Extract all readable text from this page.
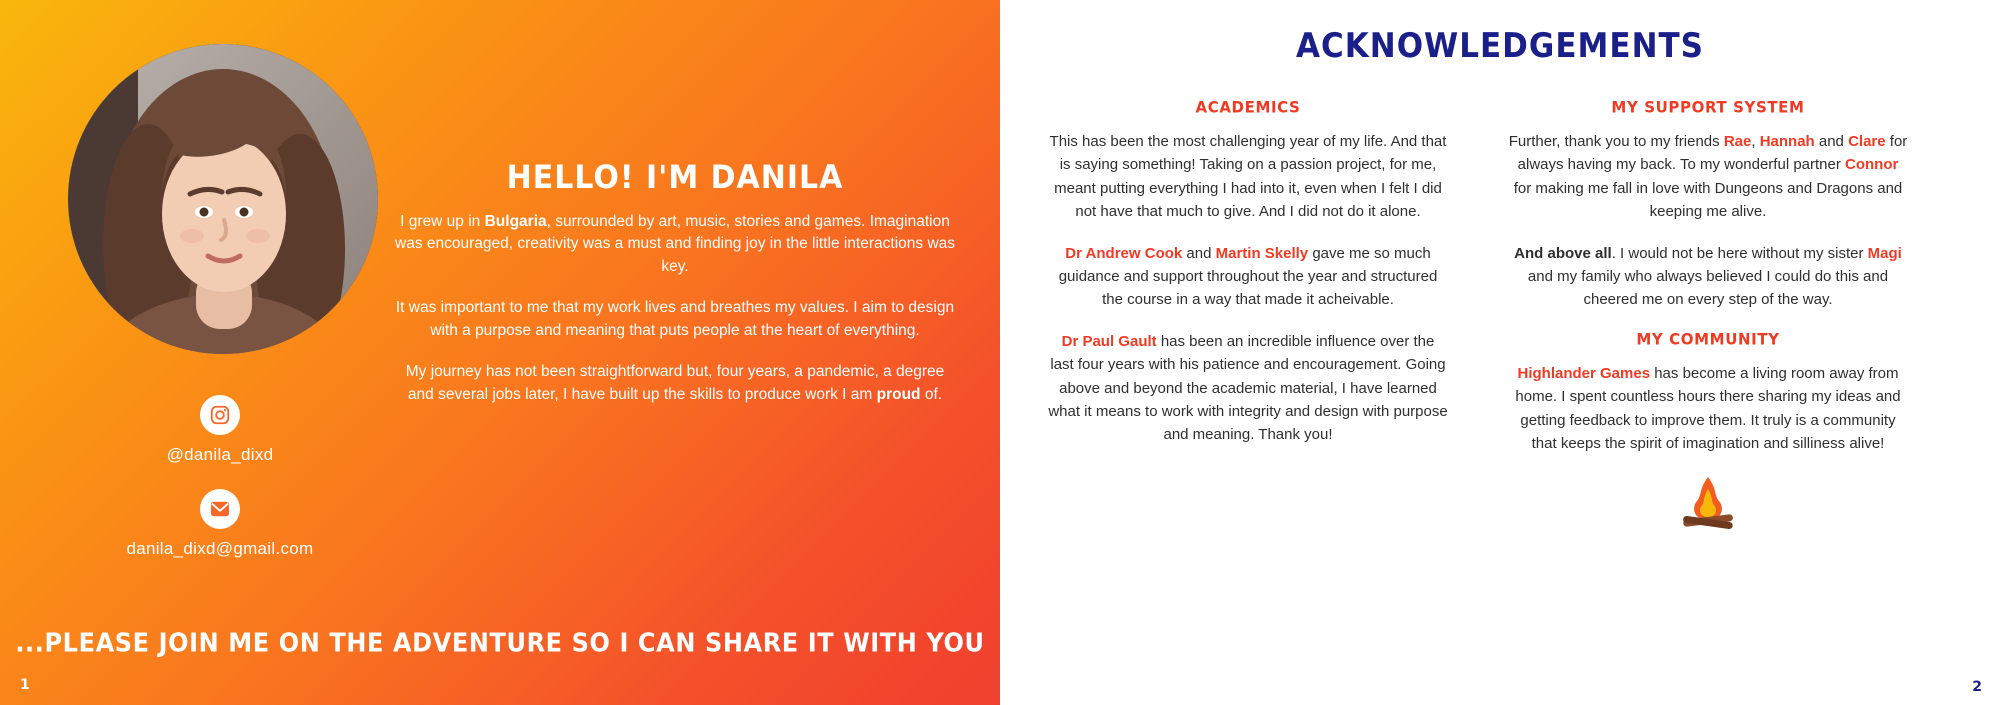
HELLO! I'M DANILA
I grew up in Bulgaria, surrounded by art, music, stories and games. Imagination was encouraged, creativity was a must and finding joy in the little interactions was key.
It was important to me that my work lives and breathes my values. I aim to design with a purpose and meaning that puts people at the heart of everything.
My journey has not been straightforward but, four years, a pandemic, a degree and several jobs later, I have built up the skills to produce work I am proud of.
@danila_dixd
danila_dixd@gmail.com
...PLEASE JOIN ME ON THE ADVENTURE SO I CAN SHARE IT WITH YOU
1
ACKNOWLEDGEMENTS
ACADEMICS
This has been the most challenging year of my life. And that is saying something! Taking on a passion project, for me, meant putting everything I had into it, even when I felt I did not have that much to give. And I did not do it alone.
Dr Andrew Cook and Martin Skelly gave me so much guidance and support throughout the year and structured the course in a way that made it acheivable.
Dr Paul Gault has been an incredible influence over the last four years with his patience and encouragement. Going above and beyond the academic material, I have learned what it means to work with integrity and design with purpose and meaning. Thank you!
MY SUPPORT SYSTEM
Further, thank you to my friends Rae, Hannah and Clare for always having my back. To my wonderful partner Connor for making me fall in love with Dungeons and Dragons and keeping me alive.
And above all. I would not be here without my sister Magi and my family who always believed I could do this and cheered me on every step of the way.
MY COMMUNITY
Highlander Games has become a living room away from home. I spent countless hours there sharing my ideas and getting feedback to improve them. It truly is a community that keeps the spirit of imagination and silliness alive!
2
